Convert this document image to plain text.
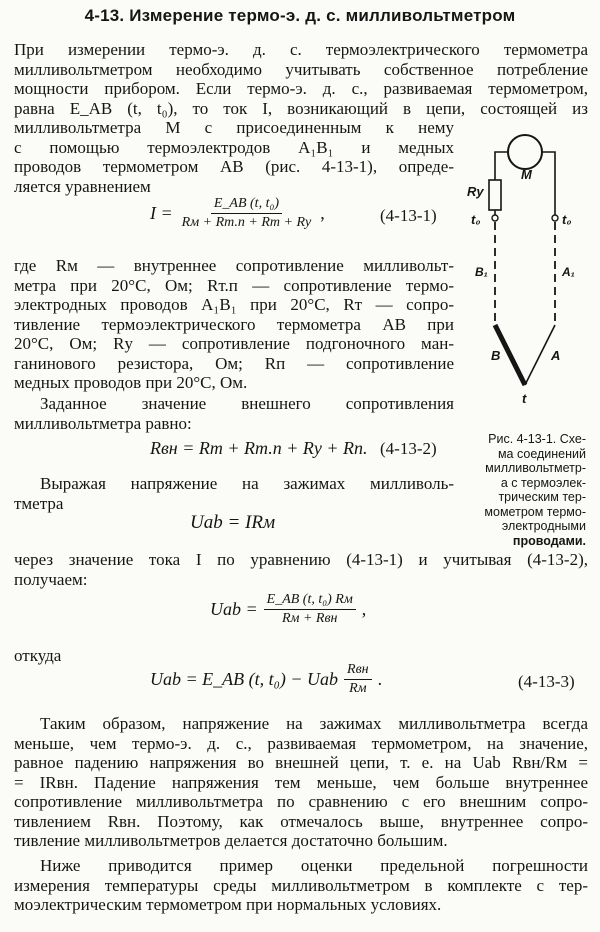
4-13. Измерение термо-э. д. с. милливольтметром
При измерении термо-э. д. с. термоэлектрического термометра
милливольтметром необходимо учитывать собственное потребление
мощности прибором. Если термо-э. д. с., развиваемая термометром,
равна E_AB (t, t₀), то ток I, возникающий в цепи, состоящей из
милливольтметра M с присоединенным к нему
с помощью термоэлектродов A₁B₁ и медных
проводов термометром AB (рис. 4-13-1), опреде-
ляется уравнением
$I = \frac{\text{E\_AB (t, t₀)}}{Rм + Rт.п + Rт + Rу}$ ,	(4-13-1)
где Rм — внутреннее сопротивление милливольт-
метра при 20°C, Ом; Rт.п — сопротивление термо-
электродных проводов A₁B₁ при 20°C, Rт — сопро-
тивление термоэлектрического термометра AB при
20°C, Ом; Rу — сопротивление подгоночного ман-
ганинового резистора, Ом; Rп — сопротивление
медных проводов при 20°C, Ом.
Заданное значение внешнего сопротивления
милливольтметра равно:
Rвн = Rт + Rт.п + Rу + Rп. (4-13-2)
Выражая напряжение на зажимах милливоль-
тметра
Uab = IRм
через значение тока I по уравнению (4-13-1) и учитывая (4-13-2),
получаем:
Uab = $\frac{\text{E\_AB (t, t₀) Rм}}{\text{Rм + Rвн}}$ ,
откуда
Uab = E_AB (t, t₀) − Uab $\frac{\text{Rвн}}{Rм}$ .	(4-13-3)
Таким образом, напряжение на зажимах милливольтметра всегда
меньше, чем термо-э. д. с., развиваемая термометром, на значение,
равное падению напряжения во внешней цепи, т. е. на Uab Rвн/Rм =
= IRвн. Падение напряжения тем меньше, чем больше внутреннее
сопротивление милливольтметра по сравнению с его внешним сопро-
тивлением Rвн. Поэтому, как отмечалось выше, внутреннее сопро-
тивление милливольтметров делается достаточно большим.
Ниже приводится пример оценки предельной погрешности
измерения температуры среды милливольтметром в комплекте с тер-
моэлектрическим термометром при нормальных условиях.
M
Rу
t₀	t₀
B₁	A₁
B	A
t
Рис. 4-13-1. Схе-
ма соединений
милливольтметр-
а с термоэлек-
трическим тер-
мометром термо-
электродными
проводами.
